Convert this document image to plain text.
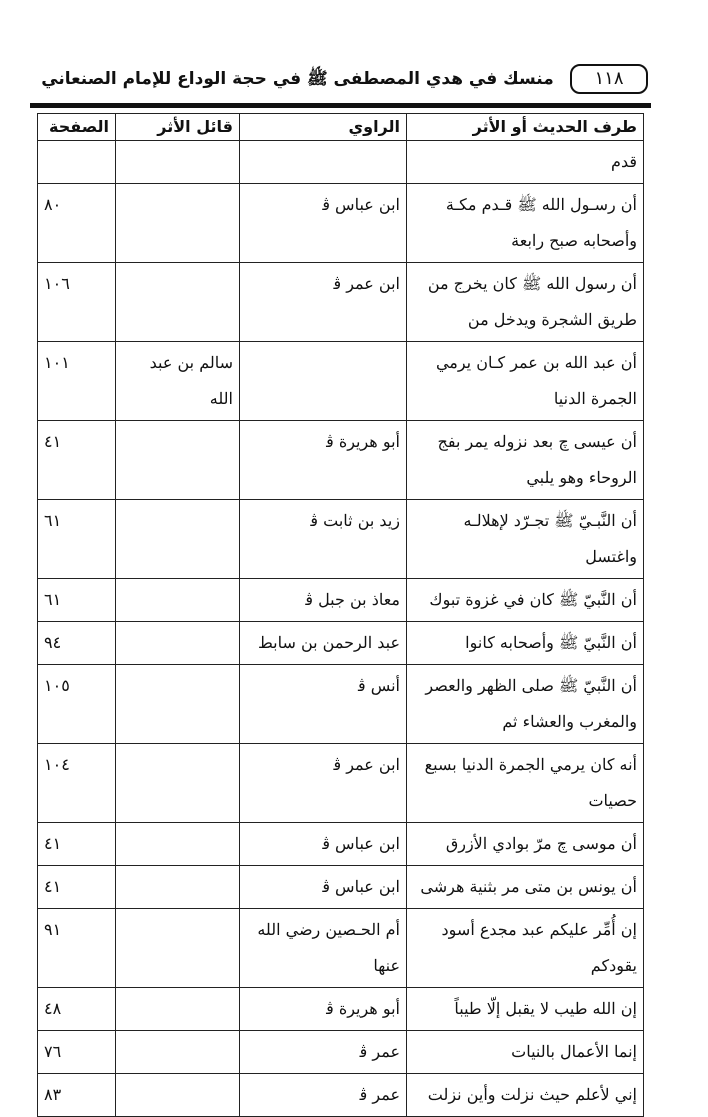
١١٨
منسك في هدي المصطفى ﷺ في حجة الوداع للإمام الصنعاني
طرف الحديث أو الأثر	الراوي	قائل الأثر	الصفحة
قدم			
أن رسـول الله ﷺ قـدم مكـة وأصحابه صبح رابعة	ابن عباس ﭬ		٨٠
أن رسول الله ﷺ كان يخرج من طريق الشجرة ويدخل من	ابن عمر ﭬ		١٠٦
أن عبد الله بن عمر كـان يرمي الجمرة الدنيا		سالم بن عبد الله	١٠١
أن عيسى ﭺ بعد نزوله يمر بفج الروحاء وهو يلبي	أبو هريرة ﭬ		٤١
أن النَّبـيّ ﷺ تجـرّد لإهلالـه واغتسل	زيد بن ثابت ﭬ		٦١
أن النَّبيّ ﷺ كان في غزوة تبوك	معاذ بن جبل ﭬ		٦١
أن النَّبيّ ﷺ وأصحابه كانوا	عبد الرحمن بن سابط		٩٤
أن النَّبيّ ﷺ صلى الظهر والعصر والمغرب والعشاء ثم	أنس ﭬ		١٠٥
أنه كان يرمي الجمرة الدنيا بسبع حصيات	ابن عمر ﭬ		١٠٤
أن موسى ﭺ مرّ بوادي الأزرق	ابن عباس ﭬ		٤١
أن يونس بن متى مر بثنية هرشى	ابن عباس ﭬ		٤١
إن أُمِّر عليكم عبد مجدع أسود يقودكم	أم الحـصين رضي الله عنها		٩١
إن الله طيب لا يقبل إلّا طيباً	أبو هريرة ﭬ		٤٨
إنما الأعمال بالنيات	عمر ﭬ		٧٦
إني لأعلم حيث نزلت وأين نزلت	عمر ﭬ		٨٣
